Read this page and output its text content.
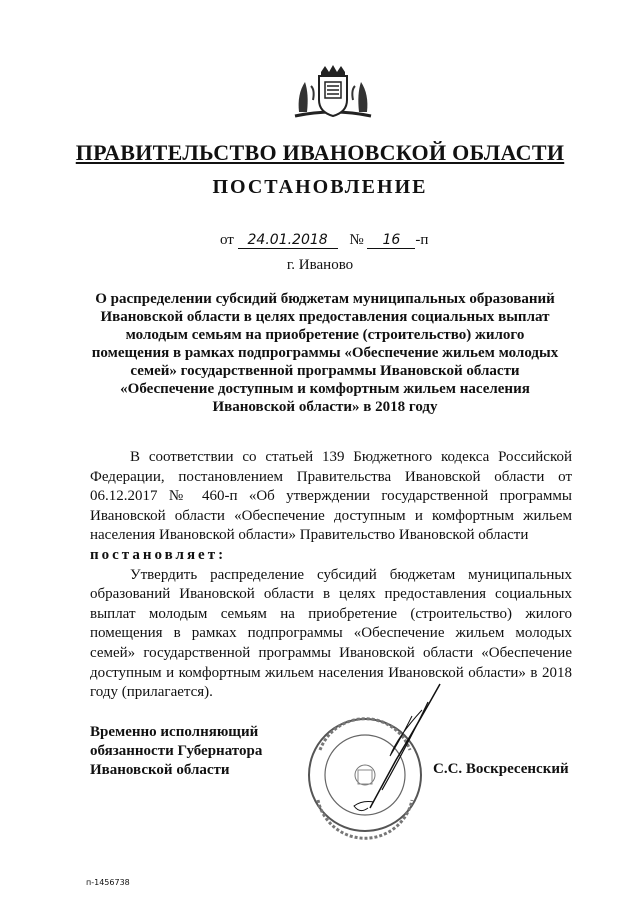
ПРАВИТЕЛЬСТВО ИВАНОВСКОЙ ОБЛАСТИ
ПОСТАНОВЛЕНИЕ
от 24.01.2018 № 16 -п
г. Иваново
О распределении субсидий бюджетам муниципальных образований
Ивановской области в целях предоставления социальных выплат
молодым семьям на приобретение (строительство) жилого
помещения в рамках подпрограммы «Обеспечение жильем молодых
семей» государственной программы Ивановской области
«Обеспечение доступным и комфортным жильем населения
Ивановской области» в 2018 году

В соответствии со статьей 139 Бюджетного кодекса Российской Федерации, постановлением Правительства Ивановской области от 06.12.2017 № 460-п «Об утверждении государственной программы Ивановской области «Обеспечение доступным и комфортным жильем населения Ивановской области» Правительство Ивановской области

постановляет:

Утвердить распределение субсидий бюджетам муниципальных образований Ивановской области в целях предоставления социальных выплат молодым семьям на приобретение (строительство) жилого помещения в рамках подпрограммы «Обеспечение жильем молодых семей» государственной программы Ивановской области «Обеспечение доступным и комфортным жильем населения Ивановской области» в 2018 году (прилагается).

Временно исполняющий
обязанности Губернатора
Ивановской области	С.С. Воскресенский
п-1456738
